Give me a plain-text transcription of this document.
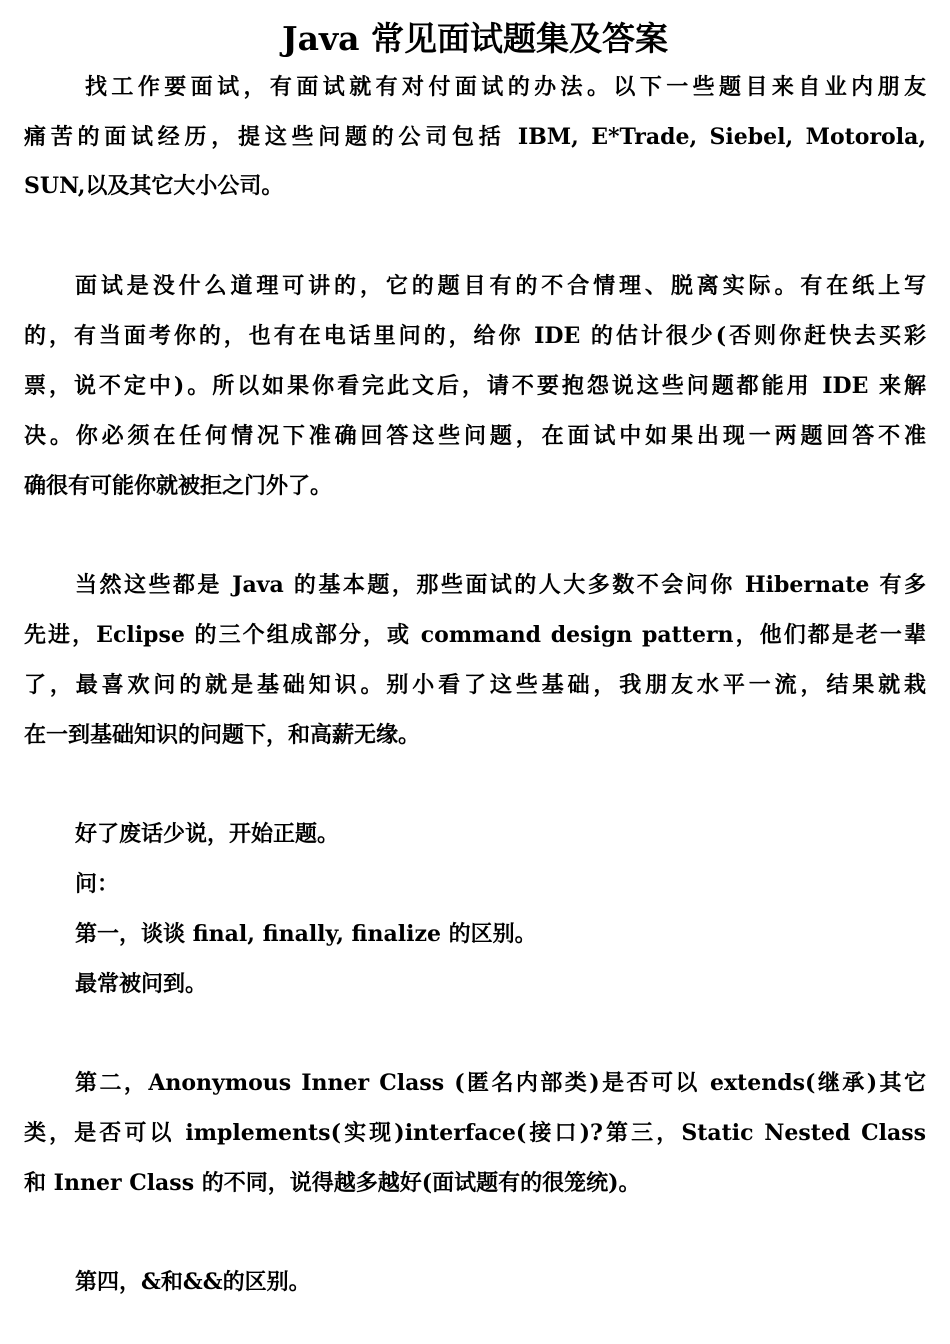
Java 常见面试题集及答案
找工作要面试，有面试就有对付面试的办法。以下一些题目来自业内朋友
痛苦的面试经历，提这些问题的公司包括 IBM, E*Trade, Siebel, Motorola,
SUN,以及其它大小公司。
面试是没什么道理可讲的，它的题目有的不合情理、脱离实际。有在纸上写
的，有当面考你的，也有在电话里问的，给你 IDE 的估计很少(否则你赶快去买彩
票，说不定中)。所以如果你看完此文后，请不要抱怨说这些问题都能用 IDE 来解
决。你必须在任何情况下准确回答这些问题，在面试中如果出现一两题回答不准
确很有可能你就被拒之门外了。
当然这些都是 Java 的基本题，那些面试的人大多数不会问你 Hibernate 有多
先进，Eclipse 的三个组成部分，或 command design pattern，他们都是老一辈
了，最喜欢问的就是基础知识。别小看了这些基础，我朋友水平一流，结果就栽
在一到基础知识的问题下，和高薪无缘。
好了废话少说，开始正题。
问：
第一，谈谈 final, finally, finalize 的区别。
最常被问到。
第二，Anonymous Inner Class (匿名内部类)是否可以 extends(继承)其它
类，是否可以 implements(实现)interface(接口)?第三，Static Nested Class
和 Inner Class 的不同，说得越多越好(面试题有的很笼统)。
第四，&和&&的区别。
